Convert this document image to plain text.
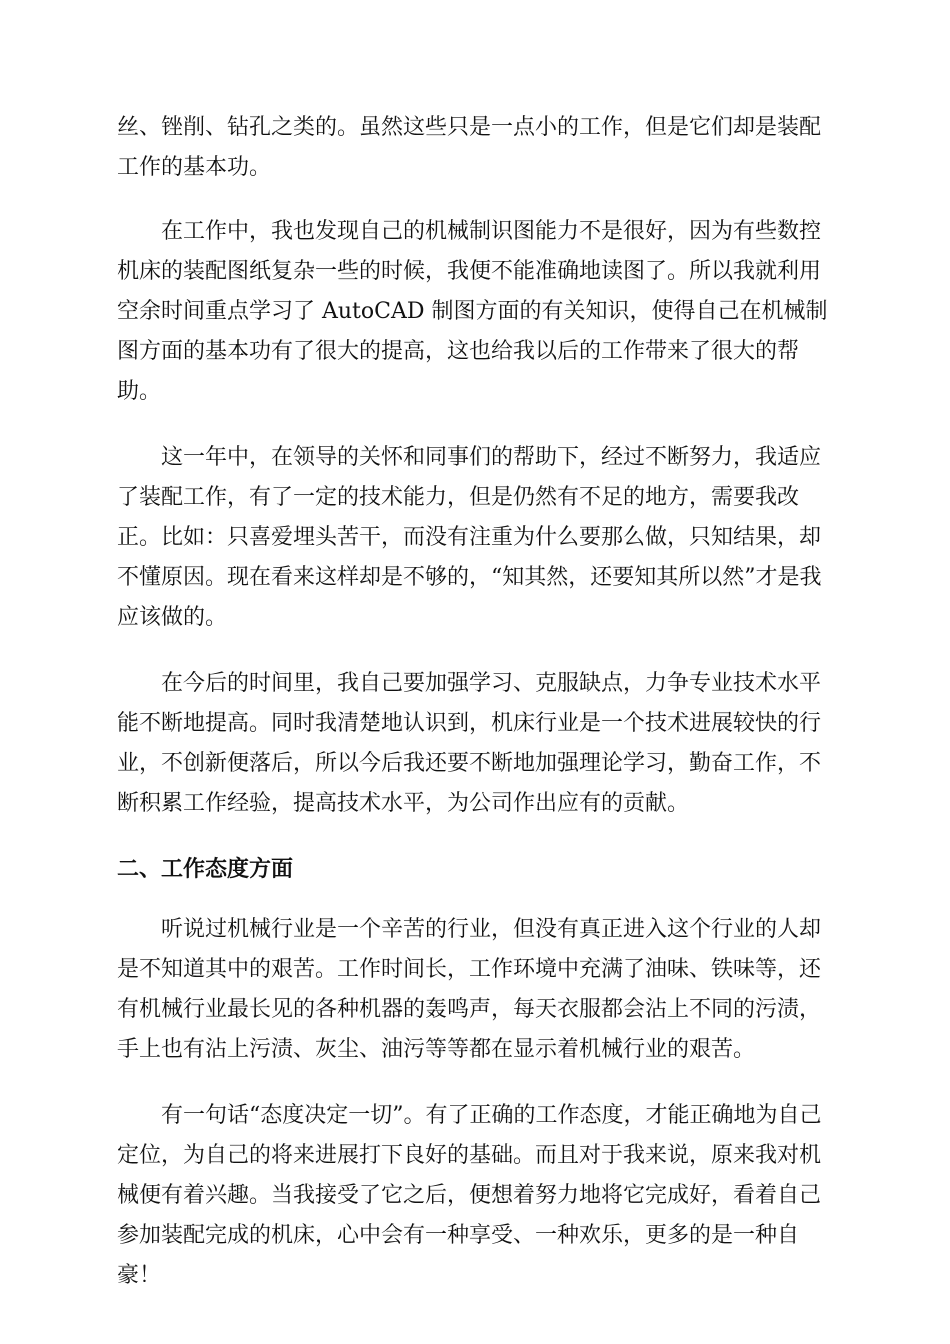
丝、锉削、钻孔之类的。虽然这些只是一点小的工作，但是它们却是装配工作的基本功。

在工作中，我也发现自己的机械制识图能力不是很好，因为有些数控机床的装配图纸复杂一些的时候，我便不能准确地读图了。所以我就利用空余时间重点学习了 AutoCAD 制图方面的有关知识，使得自己在机械制图方面的基本功有了很大的提高，这也给我以后的工作带来了很大的帮助。

这一年中，在领导的关怀和同事们的帮助下，经过不断努力，我适应了装配工作，有了一定的技术能力，但是仍然有不足的地方，需要我改正。比如：只喜爱埋头苦干，而没有注重为什么要那么做，只知结果，却不懂原因。现在看来这样却是不够的，“知其然，还要知其所以然”才是我应该做的。

在今后的时间里，我自己要加强学习、克服缺点，力争专业技术水平能不断地提高。同时我清楚地认识到，机床行业是一个技术进展较快的行业，不创新便落后，所以今后我还要不断地加强理论学习，勤奋工作，不断积累工作经验，提高技术水平，为公司作出应有的贡献。

二、工作态度方面

听说过机械行业是一个辛苦的行业，但没有真正进入这个行业的人却是不知道其中的艰苦。工作时间长，工作环境中充满了油味、铁味等，还有机械行业最长见的各种机器的轰鸣声，每天衣服都会沾上不同的污渍，手上也有沾上污渍、灰尘、油污等等都在显示着机械行业的艰苦。

有一句话“态度决定一切”。有了正确的工作态度，才能正确地为自己定位，为自己的将来进展打下良好的基础。而且对于我来说，原来我对机械便有着兴趣。当我接受了它之后，便想着努力地将它完成好，看着自己参加装配完成的机床，心中会有一种享受、一种欢乐，更多的是一种自豪！
